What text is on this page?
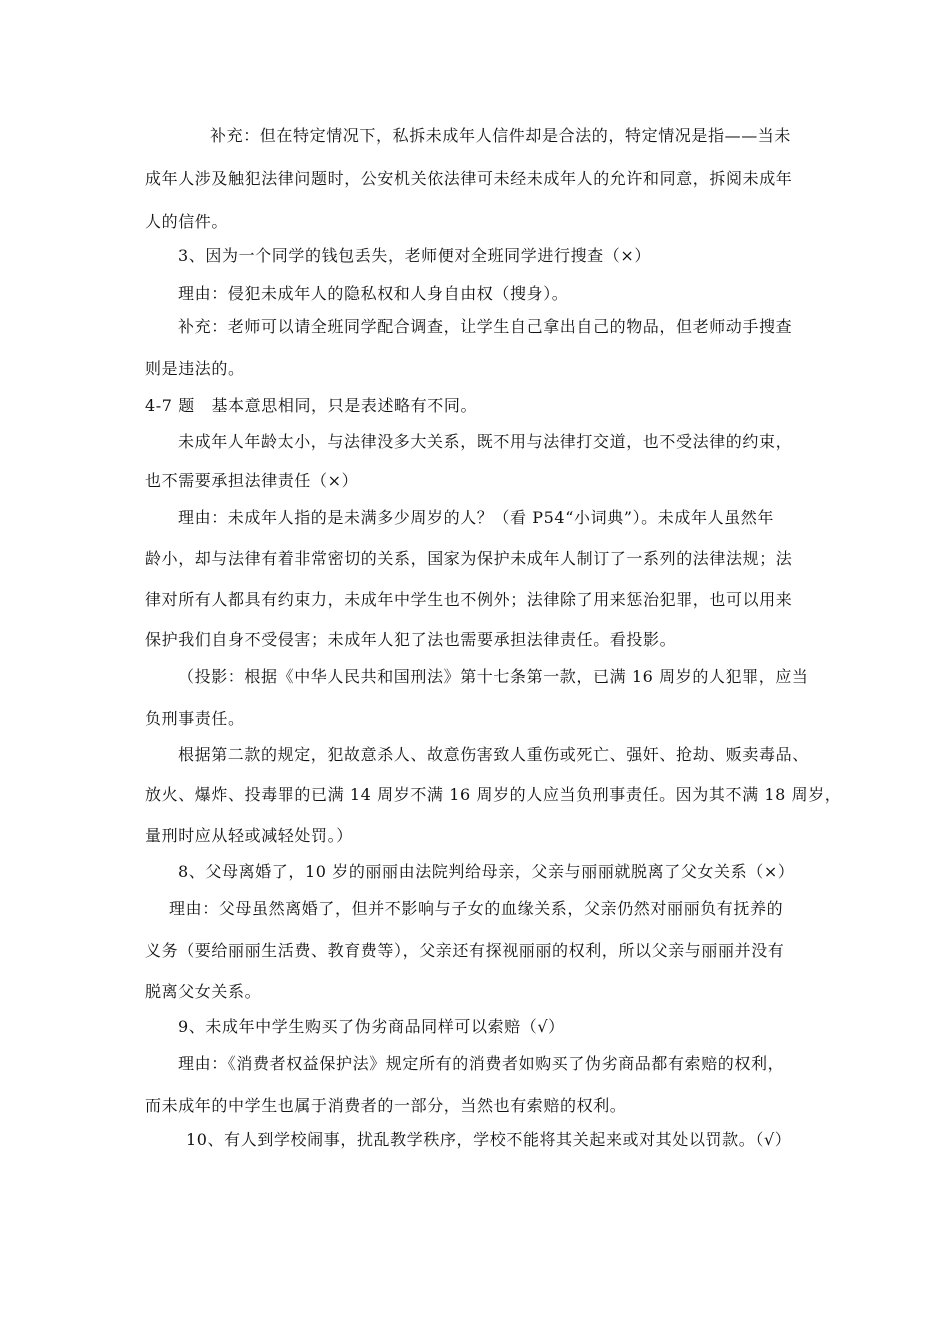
补充：但在特定情况下，私拆未成年人信件却是合法的，特定情况是指——当未
成年人涉及触犯法律问题时，公安机关依法律可未经未成年人的允许和同意，拆阅未成年
人的信件。
3、因为一个同学的钱包丢失，老师便对全班同学进行搜查（×）
理由：侵犯未成年人的隐私权和人身自由权（搜身）。
补充：老师可以请全班同学配合调查，让学生自己拿出自己的物品，但老师动手搜查
则是违法的。
4-7 题　基本意思相同，只是表述略有不同。
未成年人年龄太小，与法律没多大关系，既不用与法律打交道，也不受法律的约束，
也不需要承担法律责任（×）
理由：未成年人指的是未满多少周岁的人？（看 P54“小词典”）。未成年人虽然年
龄小，却与法律有着非常密切的关系，国家为保护未成年人制订了一系列的法律法规；法
律对所有人都具有约束力，未成年中学生也不例外；法律除了用来惩治犯罪，也可以用来
保护我们自身不受侵害；未成年人犯了法也需要承担法律责任。看投影。
（投影：根据《中华人民共和国刑法》第十七条第一款，已满 16 周岁的人犯罪，应当
负刑事责任。
根据第二款的规定，犯故意杀人、故意伤害致人重伤或死亡、强奸、抢劫、贩卖毒品、
放火、爆炸、投毒罪的已满 14 周岁不满 16 周岁的人应当负刑事责任。因为其不满 18 周岁，
量刑时应从轻或减轻处罚。）
8、父母离婚了，10 岁的丽丽由法院判给母亲，父亲与丽丽就脱离了父女关系（×）
理由：父母虽然离婚了，但并不影响与子女的血缘关系，父亲仍然对丽丽负有抚养的
义务（要给丽丽生活费、教育费等），父亲还有探视丽丽的权利，所以父亲与丽丽并没有
脱离父女关系。
9、未成年中学生购买了伪劣商品同样可以索赔（√）
理由：《消费者权益保护法》规定所有的消费者如购买了伪劣商品都有索赔的权利，
而未成年的中学生也属于消费者的一部分，当然也有索赔的权利。
10、有人到学校闹事，扰乱教学秩序，学校不能将其关起来或对其处以罚款。（√）
